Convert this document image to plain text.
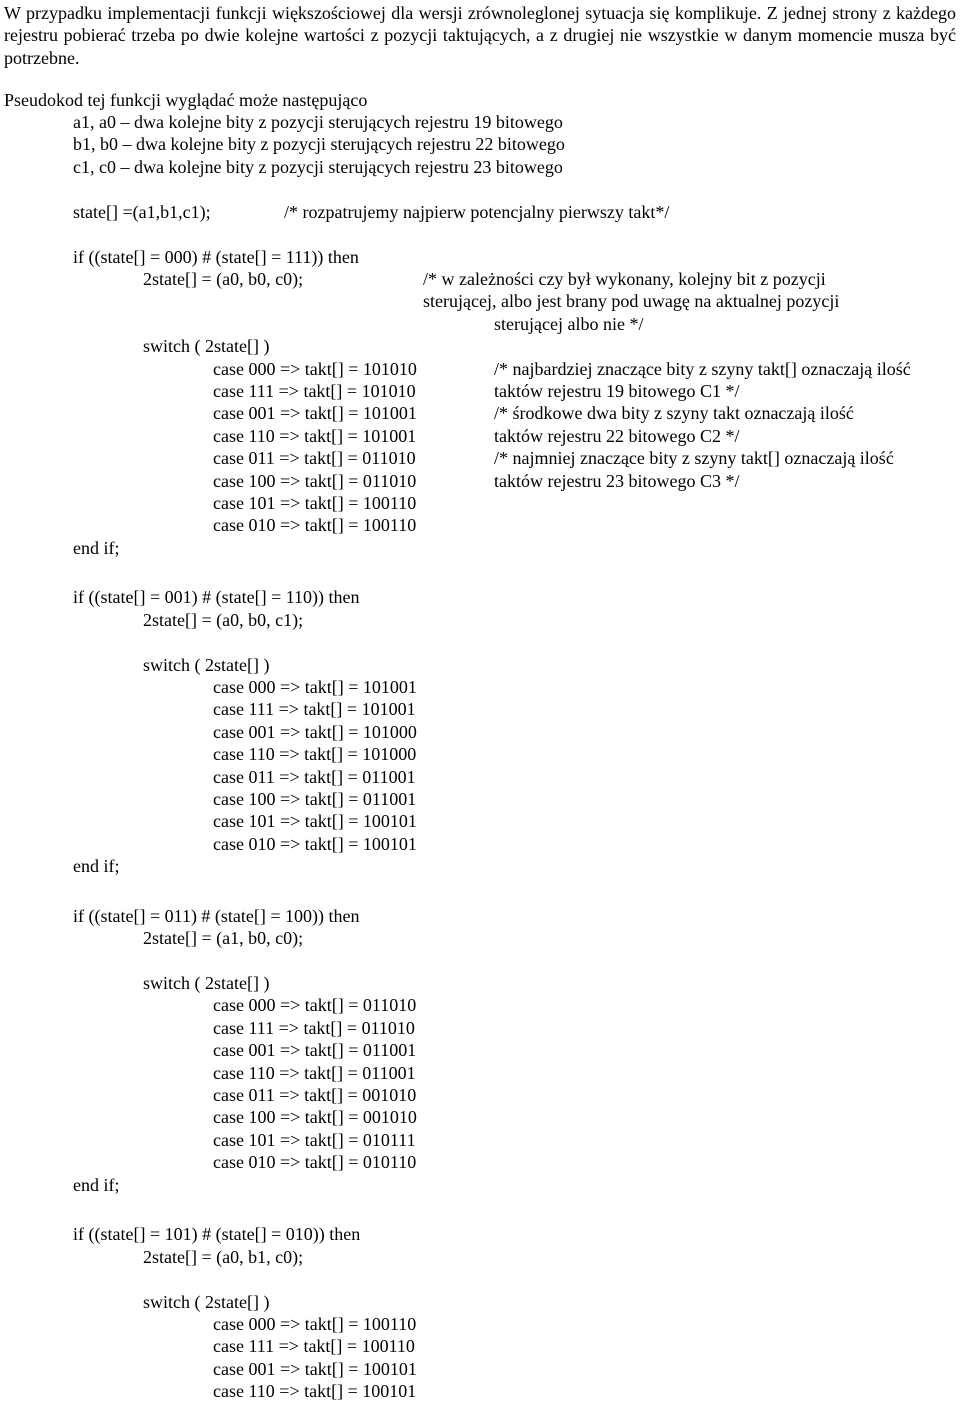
W przypadku implementacji funkcji większościowej dla wersji zrównoleglonej sytuacja się komplikuje. Z jednej strony z każdego rejestru pobierać trzeba po dwie kolejne wartości z pozycji taktujących, a z drugiej nie wszystkie w danym momencie musza być potrzebne.
Pseudokod tej funkcji wyglądać może następująco
a1, a0 – dwa kolejne bity z pozycji sterujących rejestru 19 bitowego
b1, b0 – dwa kolejne bity z pozycji sterujących rejestru 22 bitowego
c1, c0 – dwa kolejne bity z pozycji sterujących rejestru 23 bitowego
state[] =(a1,b1,c1);	/* rozpatrujemy najpierw potencjalny pierwszy takt*/
if ((state[] = 000) # (state[] = 111)) then
2state[] = (a0, b0, c0);	/* w zależności czy był wykonany, kolejny bit z pozycji
sterującej, albo jest brany pod uwagę na aktualnej pozycji
sterującej albo nie */
switch ( 2state[] )
case 000 => takt[] = 101010
case 111 => takt[] = 101010
case 001 => takt[] = 101001
case 110 => takt[] = 101001
case 011 => takt[] = 011010
case 100 => takt[] = 011010
case 101 => takt[] = 100110
case 010 => takt[] = 100110
/* najbardziej znaczące bity z szyny takt[] oznaczają ilość
taktów rejestru 19 bitowego C1 */
/* środkowe dwa bity z szyny takt oznaczają ilość
taktów rejestru 22 bitowego C2 */
/* najmniej znaczące bity z szyny takt[] oznaczają ilość
taktów rejestru 23 bitowego C3 */
end if;
if ((state[] = 001) # (state[] = 110)) then
2state[] = (a0, b0, c1);
switch ( 2state[] )
case 000 => takt[] = 101001
case 111 => takt[] = 101001
case 001 => takt[] = 101000
case 110 => takt[] = 101000
case 011 => takt[] = 011001
case 100 => takt[] = 011001
case 101 => takt[] = 100101
case 010 => takt[] = 100101
end if;
if ((state[] = 011) # (state[] = 100)) then
2state[] = (a1, b0, c0);
switch ( 2state[] )
case 000 => takt[] = 011010
case 111 => takt[] = 011010
case 001 => takt[] = 011001
case 110 => takt[] = 011001
case 011 => takt[] = 001010
case 100 => takt[] = 001010
case 101 => takt[] = 010111
case 010 => takt[] = 010110
end if;
if ((state[] = 101) # (state[] = 010)) then
2state[] = (a0, b1, c0);
switch ( 2state[] )
case 000 => takt[] = 100110
case 111 => takt[] = 100110
case 001 => takt[] = 100101
case 110 => takt[] = 100101
